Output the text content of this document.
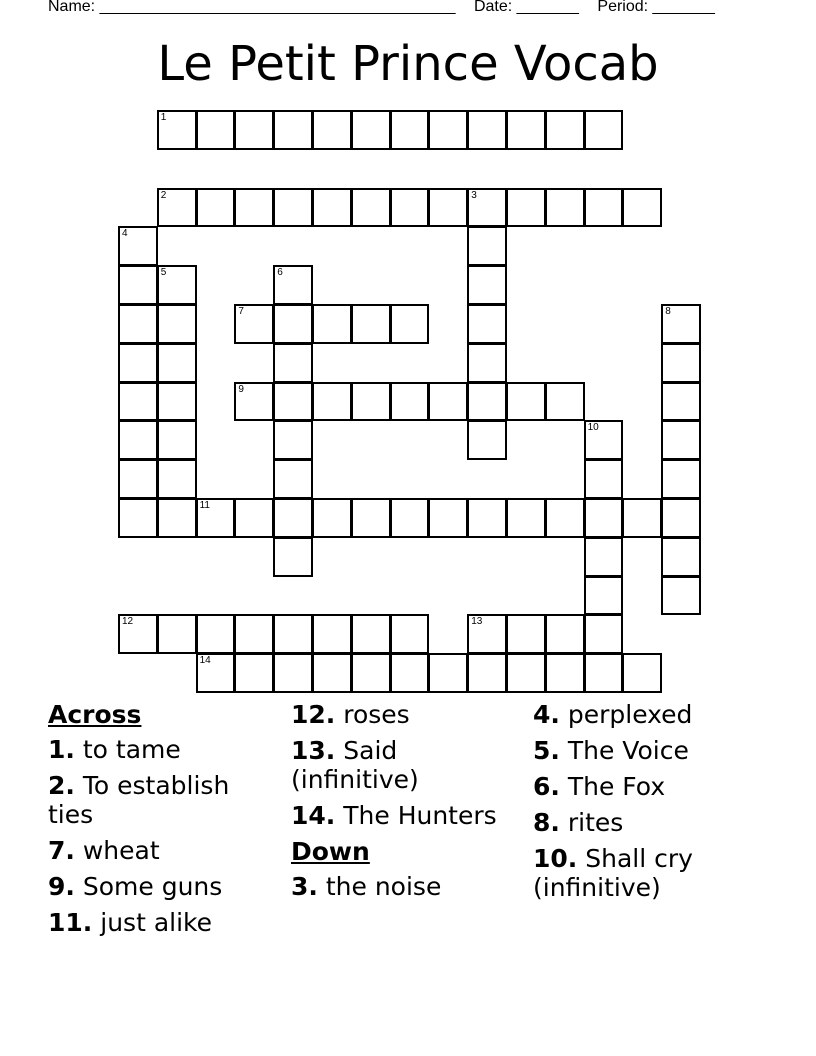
Name: ________________________________________ Date: _______ Period: _______
Le Petit Prince Vocab
1
2	3
4
5	6
7	8
9
10
11
12	13
14
Across
1. to tame
2. To establish ties
7. wheat
9. Some guns
11. just alike
12. roses
13. Said (infinitive)
14. The Hunters
Down
3. the noise
4. perplexed
5. The Voice
6. The Fox
8. rites
10. Shall cry (infinitive)
